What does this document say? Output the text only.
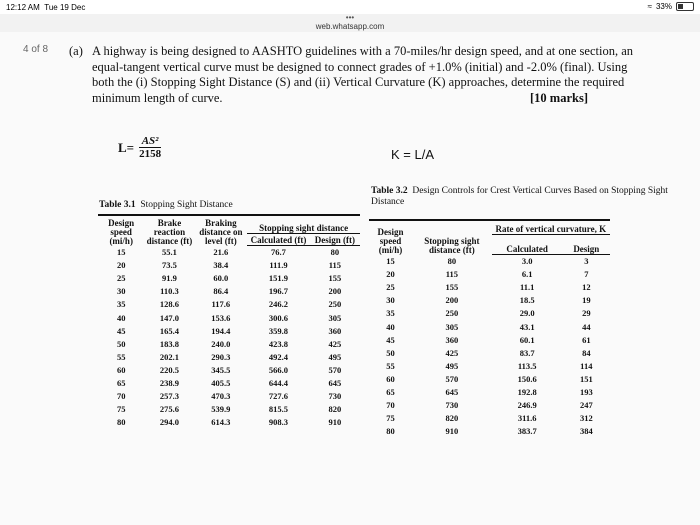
12:12 AM Tue 19 Dec	≈ 33%
•••
web.whatsapp.com
4 of 8 (a) A highway is being designed to AASHTO guidelines with a 70-miles/hr design speed, and at one section, an equal-tangent vertical curve must be designed to connect grades of +1.0% (initial) and -2.0% (final). Using both the (i) Stopping Sight Distance (S) and (ii) Vertical Curvature (K) approaches, determine the required minimum length of curve.	[10 marks]
$L= \frac{\text{AS²}}{2158}$	K = L/A
Table 3.1 Stopping Sight Distance
Design speed (mi/h)	Brake reaction distance (ft)	Braking distance on level (ft)	Stopping sight distance	
			Calculated (ft)	Design (ft)
15	55.1	21.6	76.7	80
20	73.5	38.4	111.9	115
25	91.9	60.0	151.9	155
30	110.3	86.4	196.7	200
35	128.6	117.6	246.2	250
40	147.0	153.6	300.6	305
45	165.4	194.4	359.8	360
50	183.8	240.0	423.8	425
55	202.1	290.3	492.4	495
60	220.5	345.5	566.0	570
65	238.9	405.5	644.4	645
70	257.3	470.3	727.6	730
75	275.6	539.9	815.5	820
80	294.0	614.3	908.3	910
Table 3.2 Design Controls for Crest Vertical Curves Based on Stopping Sight Distance
Design speed (mi/h)	Stopping sight distance (ft)	Rate of vertical curvature, K	
		Calculated	Design
15	80	3.0	3
20	115	6.1	7
25	155	11.1	12
30	200	18.5	19
35	250	29.0	29
40	305	43.1	44
45	360	60.1	61
50	425	83.7	84
55	495	113.5	114
60	570	150.6	151
65	645	192.8	193
70	730	246.9	247
75	820	311.6	312
80	910	383.7	384
